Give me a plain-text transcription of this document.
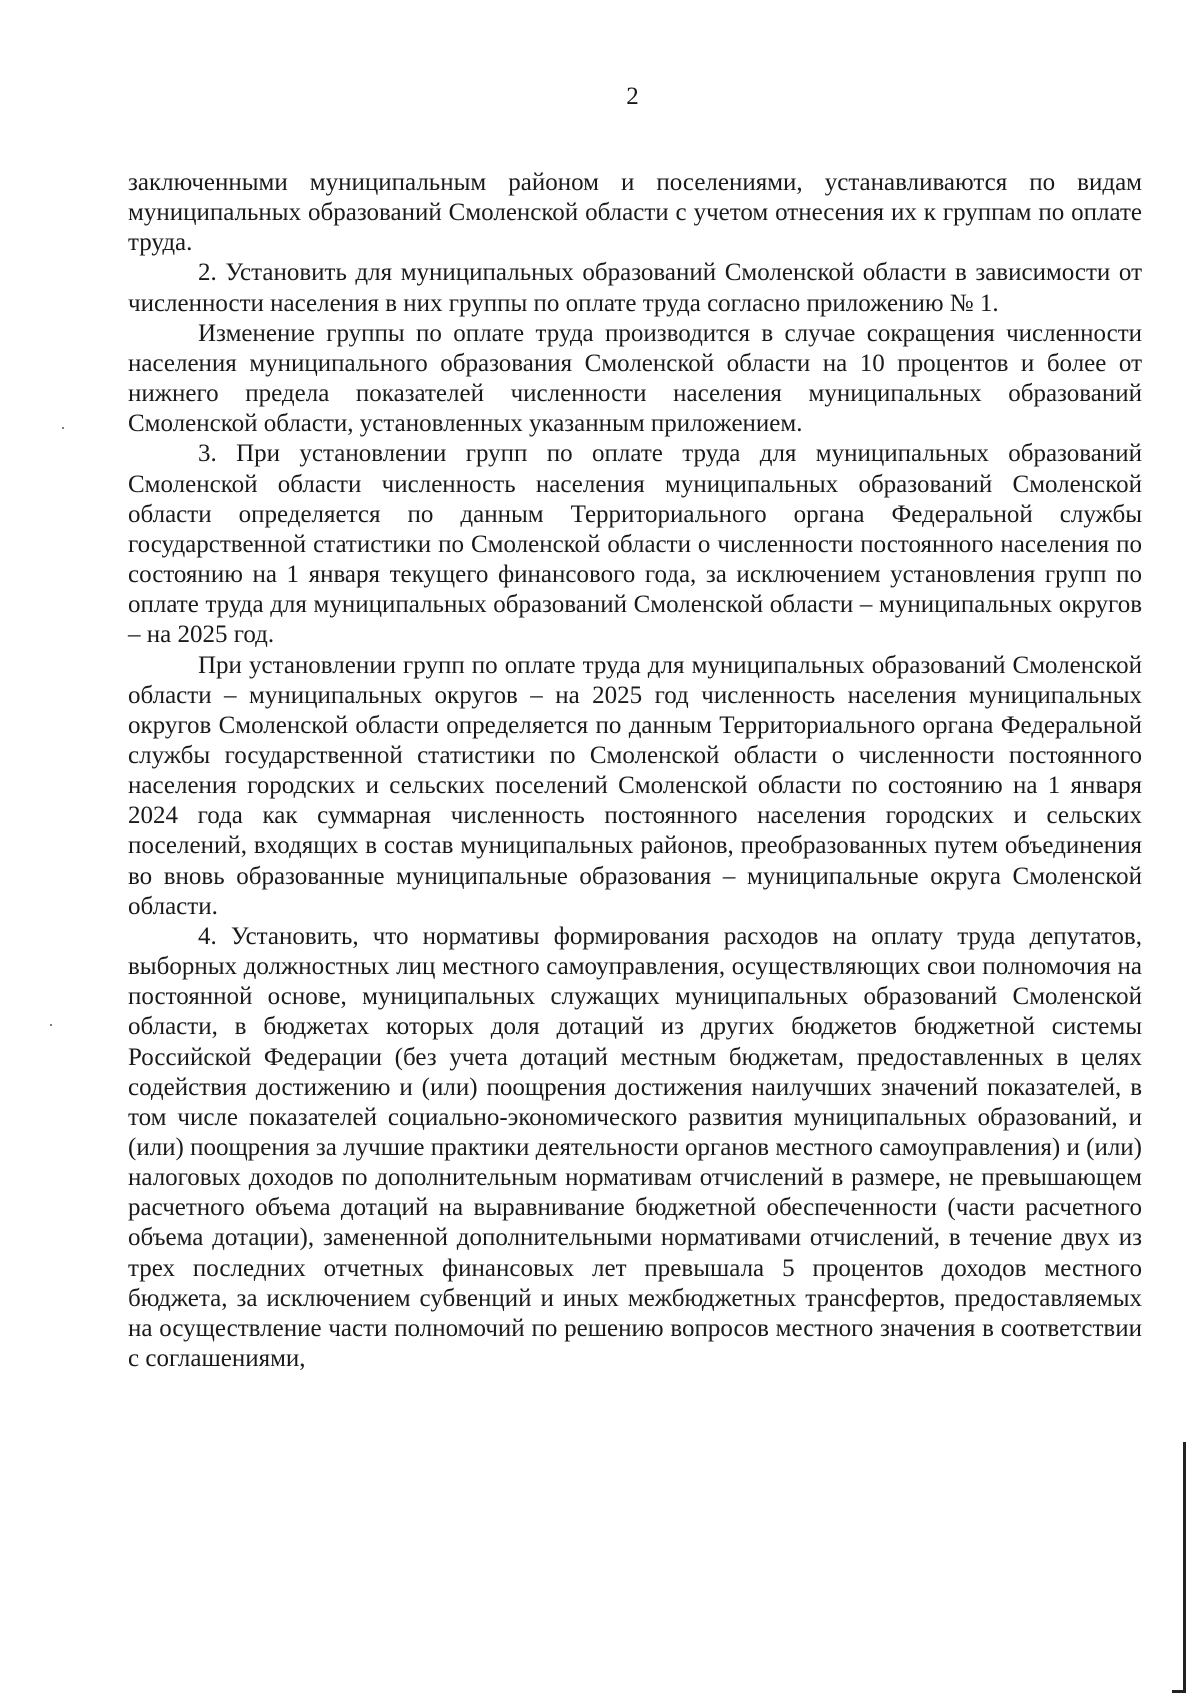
2

заключенными муниципальным районом и поселениями, устанавливаются по видам муниципальных образований Смоленской области с учетом отнесения их к группам по оплате труда.

2. Установить для муниципальных образований Смоленской области в зависимости от численности населения в них группы по оплате труда согласно приложению № 1.

Изменение группы по оплате труда производится в случае сокращения численности населения муниципального образования Смоленской области на 10 процентов и более от нижнего предела показателей численности населения муниципальных образований Смоленской области, установленных указанным приложением.

3. При установлении групп по оплате труда для муниципальных образований Смоленской области численность населения муниципальных образований Смоленской области определяется по данным Территориального органа Федеральной службы государственной статистики по Смоленской области о численности постоянного населения по состоянию на 1 января текущего финансового года, за исключением установления групп по оплате труда для муниципальных образований Смоленской области – муниципальных округов – на 2025 год.

При установлении групп по оплате труда для муниципальных образований Смоленской области – муниципальных округов – на 2025 год численность населения муниципальных округов Смоленской области определяется по данным Территориального органа Федеральной службы государственной статистики по Смоленской области о численности постоянного населения городских и сельских поселений Смоленской области по состоянию на 1 января 2024 года как суммарная численность постоянного населения городских и сельских поселений, входящих в состав муниципальных районов, преобразованных путем объединения во вновь образованные муниципальные образования – муниципальные округа Смоленской области.

4. Установить, что нормативы формирования расходов на оплату труда депутатов, выборных должностных лиц местного самоуправления, осуществляющих свои полномочия на постоянной основе, муниципальных служащих муниципальных образований Смоленской области, в бюджетах которых доля дотаций из других бюджетов бюджетной системы Российской Федерации (без учета дотаций местным бюджетам, предоставленных в целях содействия достижению и (или) поощрения достижения наилучших значений показателей, в том числе показателей социально-экономического развития муниципальных образований, и (или) поощрения за лучшие практики деятельности органов местного самоуправления) и (или) налоговых доходов по дополнительным нормативам отчислений в размере, не превышающем расчетного объема дотаций на выравнивание бюджетной обеспеченности (части расчетного объема дотации), замененной дополнительными нормативами отчислений, в течение двух из трех последних отчетных финансовых лет превышала 5 процентов доходов местного бюджета, за исключением субвенций и иных межбюджетных трансфертов, предоставляемых на осуществление части полномочий по решению вопросов местного значения в соответствии с соглашениями,
